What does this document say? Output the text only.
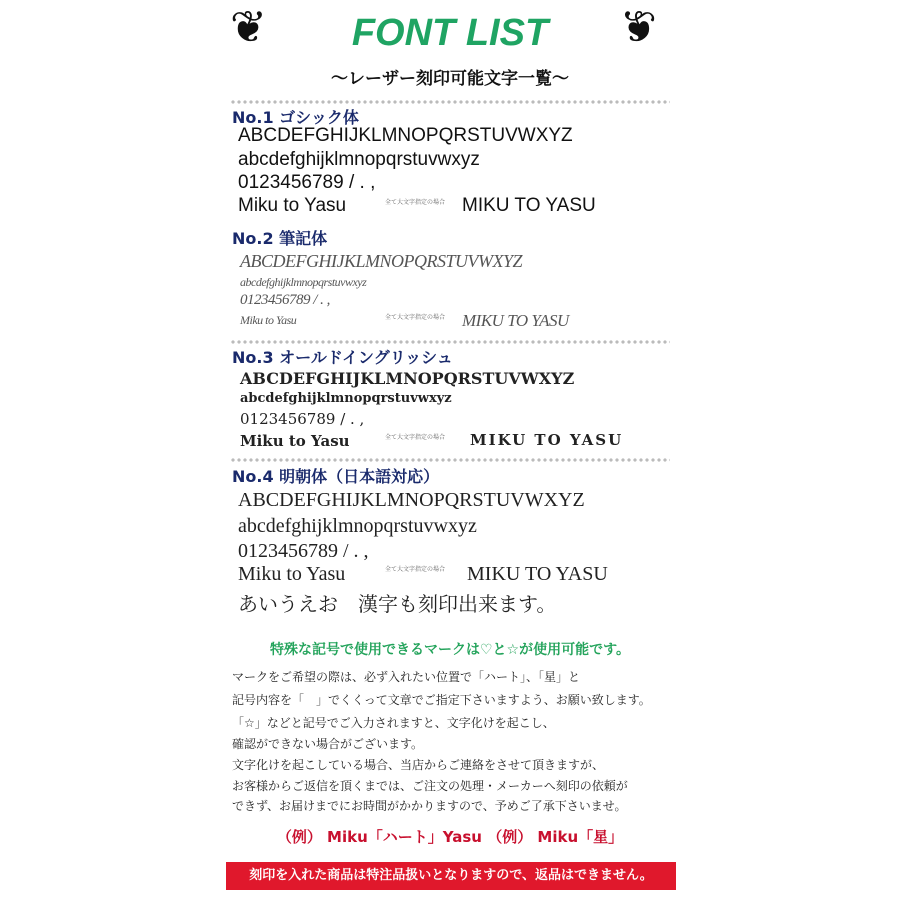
❦	❦
FONT LIST
～レーザー刻印可能文字一覧～
No.1 ゴシック体
ABCDEFGHIJKLMNOPQRSTUVWXYZ
abcdefghijklmnopqrstuvwxyz
0123456789 / . ,
Miku to Yasu	全て大文字指定の場合 MIKU TO YASU
No.2 筆記体
ABCDEFGHIJKLMNOPQRSTUVWXYZ
abcdefghijklmnopqrstuvwxyz
0123456789 / . ,
Miku to Yasu	全て大文字指定の場合 MIKU TO YASU
No.3 オールドイングリッシュ
ABCDEFGHIJKLMNOPQRSTUVWXYZ
abcdefghijklmnopqrstuvwxyz
0123456789 / . ,
Miku to Yasu	全て大文字指定の場合 MIKU TO YASU
No.4 明朝体（日本語対応）
ABCDEFGHIJKLMNOPQRSTUVWXYZ
abcdefghijklmnopqrstuvwxyz
0123456789 / . ,
Miku to Yasu	全て大文字指定の場合 MIKU TO YASU
あいうえお　漢字も刻印出来ます。
特殊な記号で使用できるマークは♡と☆が使用可能です。
マークをご希望の際は、必ず入れたい位置で「ハート」、「星」と
記号内容を「　」でくくって文章でご指定下さいますよう、お願い致します。
「☆」などと記号でご入力されますと、文字化けを起こし、
確認ができない場合がございます。
文字化けを起こしている場合、当店からご連絡をさせて頂きますが、
お客様からご返信を頂くまでは、ご注文の処理・メーカーへ刻印の依頼が
できず、お届けまでにお時間がかかりますので、予めご了承下さいませ。
（例） Miku「ハート」Yasu （例） Miku「星」
刻印を入れた商品は特注品扱いとなりますので、返品はできません。
